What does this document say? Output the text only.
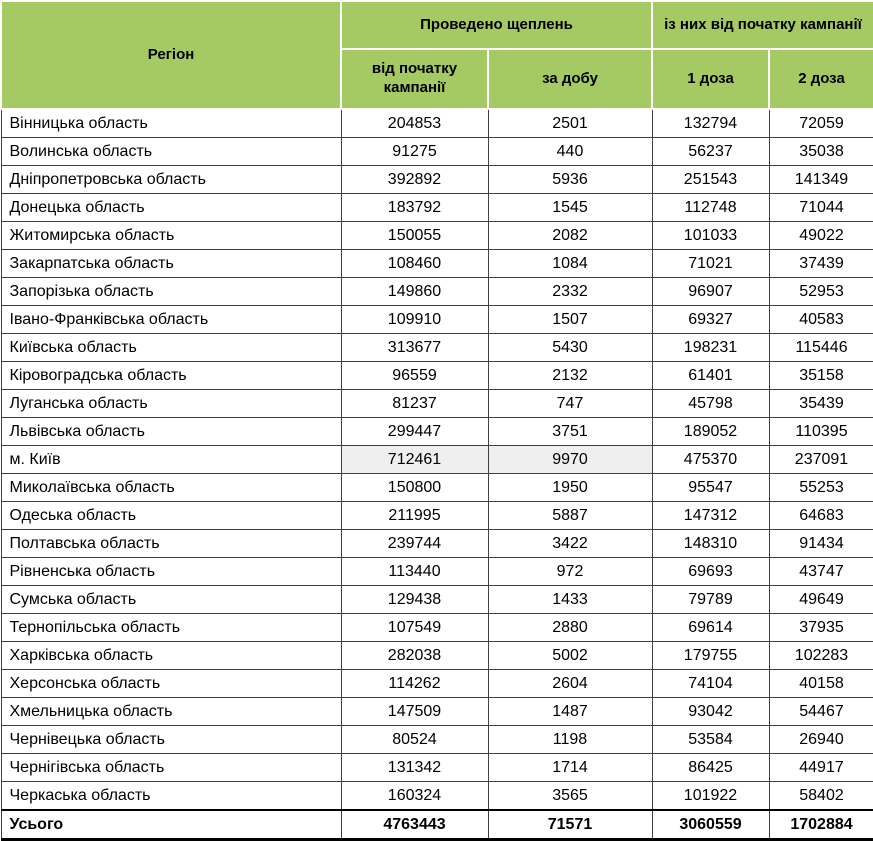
Регіон	Проведено щеплень		із них від початку кампанії	
	від початку кампанії	за добу	1 доза	2 доза
Вінницька область	204853	2501	132794	72059
Волинська область	91275	440	56237	35038
Дніпропетровська область	392892	5936	251543	141349
Донецька область	183792	1545	112748	71044
Житомирська область	150055	2082	101033	49022
Закарпатська область	108460	1084	71021	37439
Запорізька область	149860	2332	96907	52953
Івано-Франківська область	109910	1507	69327	40583
Київська область	313677	5430	198231	115446
Кіровоградська область	96559	2132	61401	35158
Луганська область	81237	747	45798	35439
Львівська область	299447	3751	189052	110395
м. Київ	712461	9970	475370	237091
Миколаївська область	150800	1950	95547	55253
Одеська область	211995	5887	147312	64683
Полтавська область	239744	3422	148310	91434
Рівненська область	113440	972	69693	43747
Сумська область	129438	1433	79789	49649
Тернопільська область	107549	2880	69614	37935
Харківська область	282038	5002	179755	102283
Херсонська область	114262	2604	74104	40158
Хмельницька область	147509	1487	93042	54467
Чернівецька область	80524	1198	53584	26940
Чернігівська область	131342	1714	86425	44917
Черкаська область	160324	3565	101922	58402
Усього	4763443	71571	3060559	1702884
